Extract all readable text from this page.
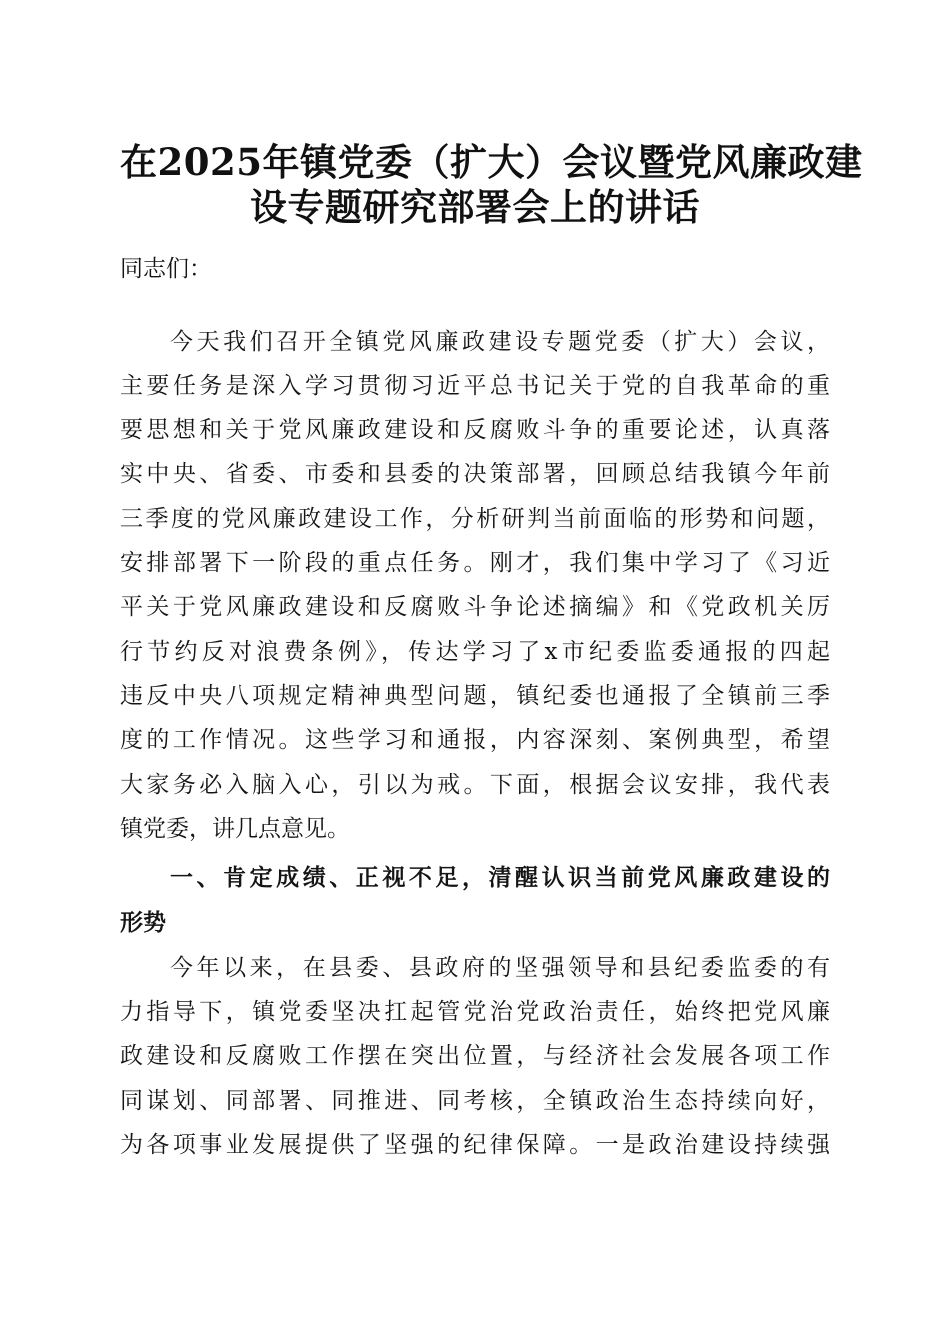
在2025年镇党委（扩大）会议暨党风廉政建
设专题研究部署会上的讲话
同志们：
今天我们召开全镇党风廉政建设专题党委（扩大）会议，
主要任务是深入学习贯彻习近平总书记关于党的自我革命的重
要思想和关于党风廉政建设和反腐败斗争的重要论述，认真落
实中央、省委、市委和县委的决策部署，回顾总结我镇今年前
三季度的党风廉政建设工作，分析研判当前面临的形势和问题，
安排部署下一阶段的重点任务。刚才，我们集中学习了《习近
平关于党风廉政建设和反腐败斗争论述摘编》和《党政机关厉
行节约反对浪费条例》，传达学习了x市纪委监委通报的四起
违反中央八项规定精神典型问题，镇纪委也通报了全镇前三季
度的工作情况。这些学习和通报，内容深刻、案例典型，希望
大家务必入脑入心，引以为戒。下面，根据会议安排，我代表
镇党委，讲几点意见。
一、肯定成绩、正视不足，清醒认识当前党风廉政建设的
形势
今年以来，在县委、县政府的坚强领导和县纪委监委的有
力指导下，镇党委坚决扛起管党治党政治责任，始终把党风廉
政建设和反腐败工作摆在突出位置，与经济社会发展各项工作
同谋划、同部署、同推进、同考核，全镇政治生态持续向好，
为各项事业发展提供了坚强的纪律保障。一是政治建设持续强
